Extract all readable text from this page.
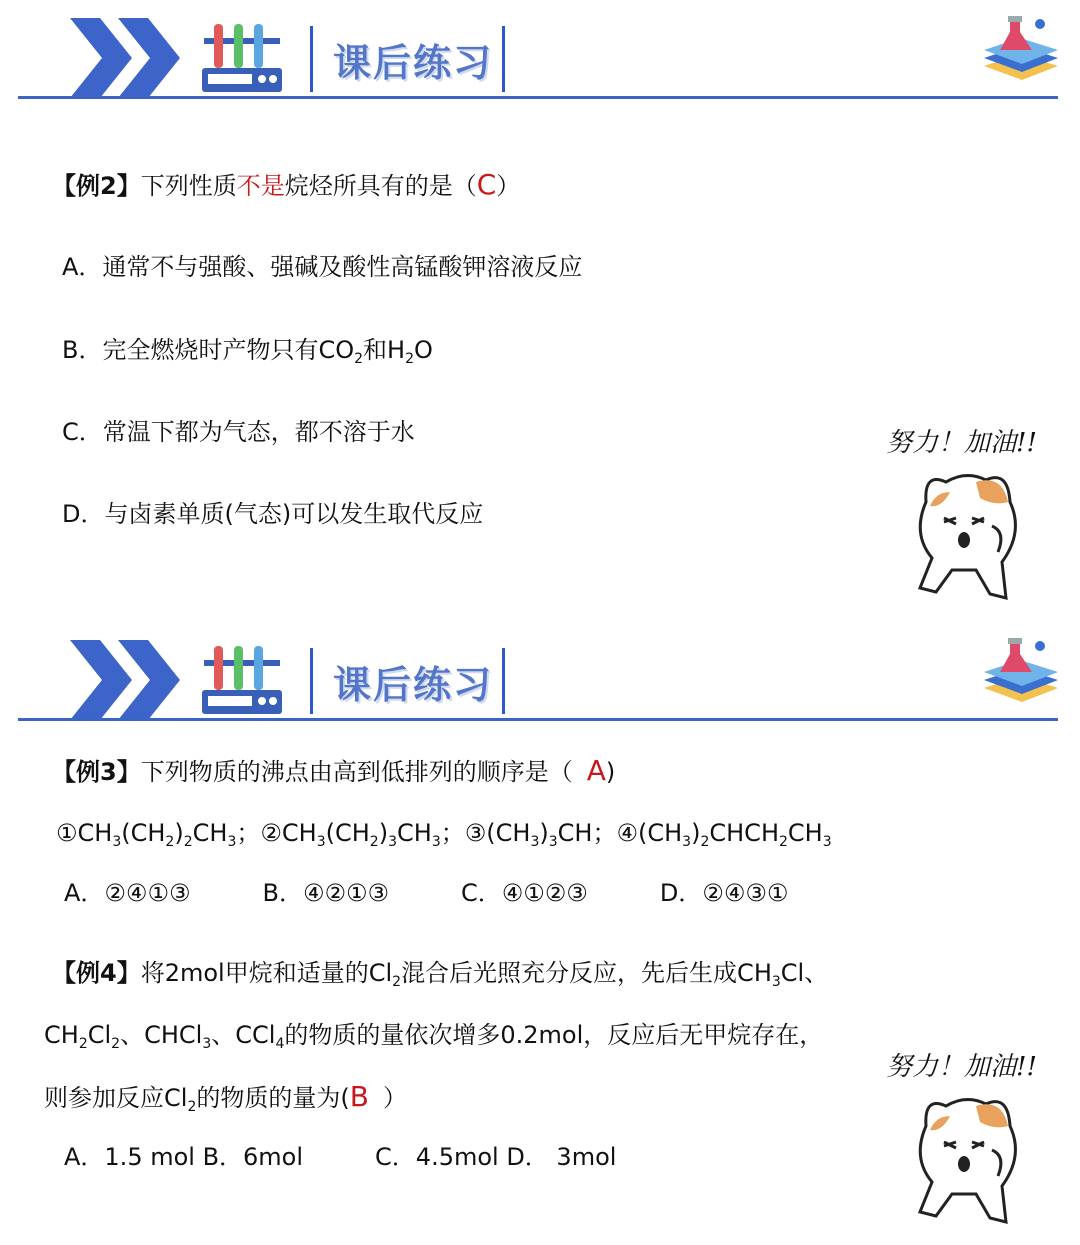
课后练习
【例2】下列性质不是烷烃所具有的是（C）
A．通常不与强酸、强碱及酸性高锰酸钾溶液反应
B．完全燃烧时产物只有$CO_2$和$H_2O$
C．常温下都为气态，都不溶于水
D．与卤素单质(气态)可以发生取代反应
努力！加油!!
课后练习
【例3】下列物质的沸点由高到低排列的顺序是（ A)
$①CH_3(CH_2)_2CH_3$；$②CH_3(CH_2)_3CH_3$；$③(CH_3)_3CH$；$④(CH_3)_2CHCH_2CH_3$
A．②④①③　　　B．④②①③　　　C．④①②③　　　D．②④③①
【例4】将2mol甲烷和适量的$Cl_2$混合后光照充分反应，先后生成$CH_3Cl$、
$CH_2Cl_2$、CHCl$_3$、CCl$_4$的物质的量依次增多0.2mol，反应后无甲烷存在，
则参加反应$Cl_2$的物质的量为(B ）
A．1.5 mol B．6mol　　　C．4.5mol D． 3mol
努力！加油!!
